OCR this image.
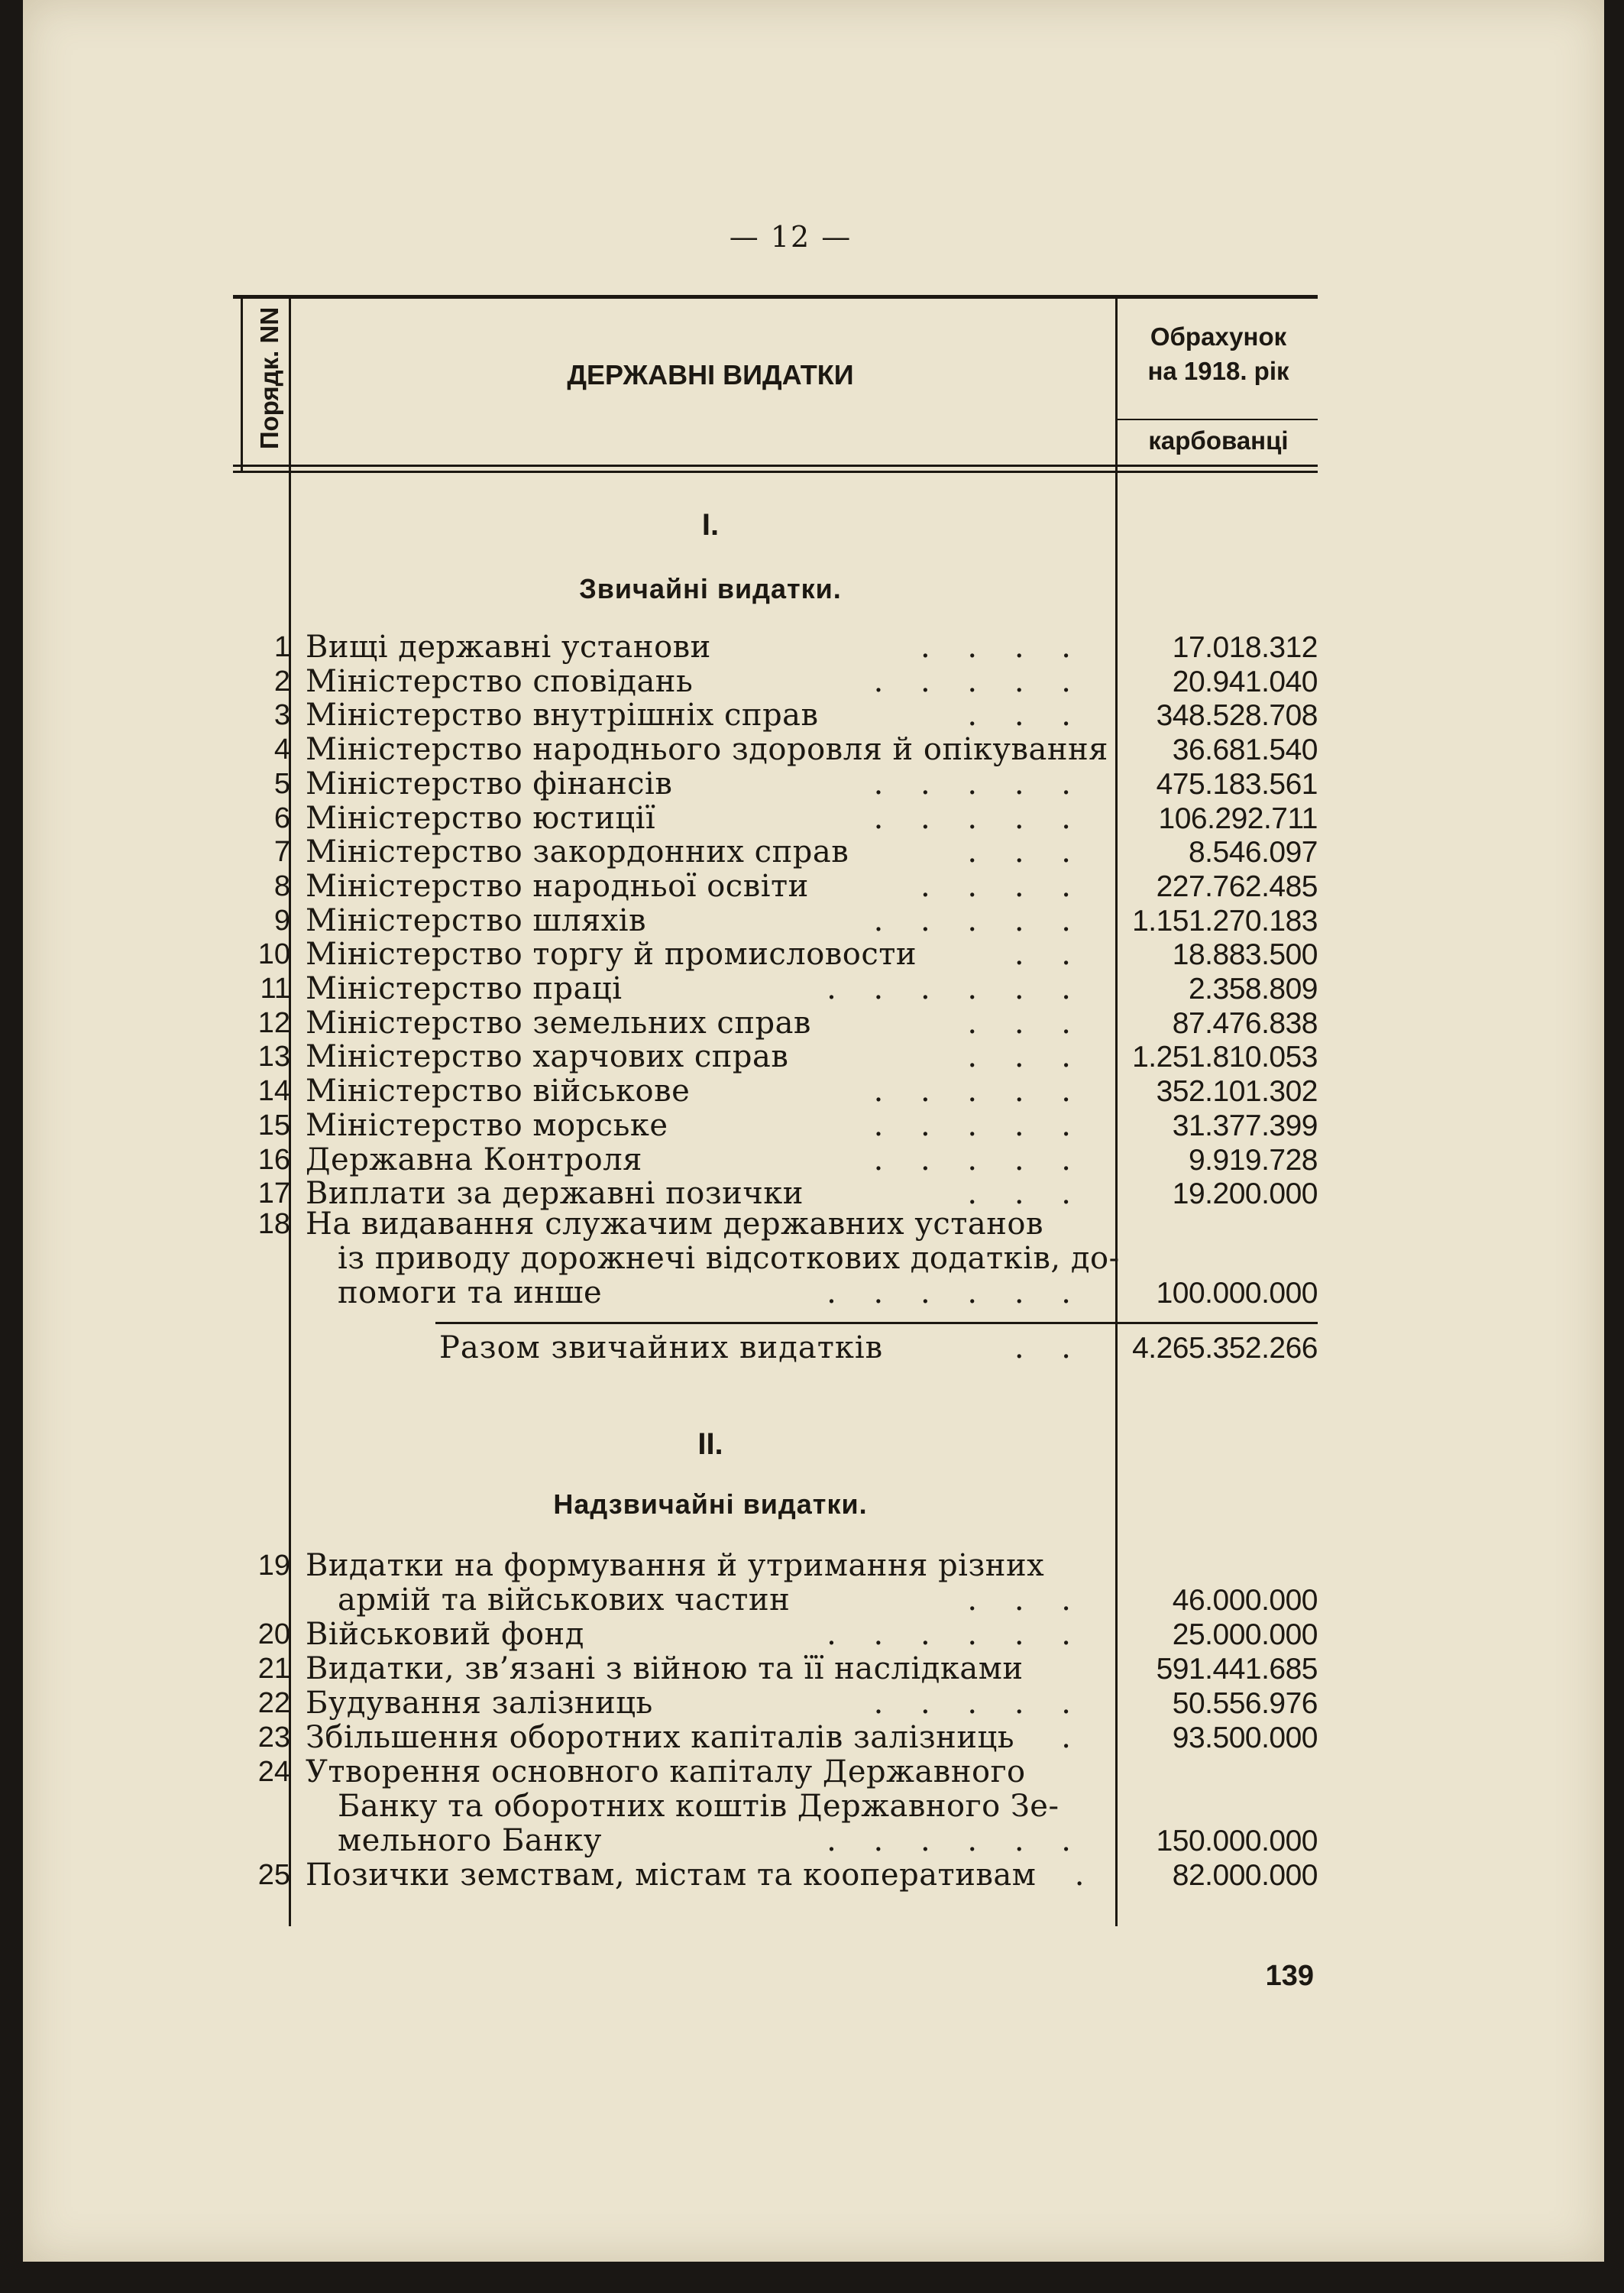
— 12 —
Порядк. NN	ДЕРЖАВНІ ВИДАТКИ
Обрахунок
на 1918. рік
карбованці
I.
Звичайні видатки.
1 Вищі державні установи	17.018.312
. . . .
2 Міністерство сповідань	20.941.040
. . . . .
3 Міністерство внутрішніх справ	348.528.708
. . .
4 Міністерство народнього здоровля й опікування	36.681.540
5 Міністерство фінансів	475.183.561
. . . . .
6 Міністерство юстиції	106.292.711
. . . . .
7 Міністерство закордонних справ	8.546.097
. . .
8 Міністерство народньої освіти	227.762.485
. . . .
9 Міністерство шляхів	1.151.270.183
. . . . .
10 Міністерство торгу й промисловости	18.883.500
. .
11 Міністерство праці	2.358.809
. . . . . .
12 Міністерство земельних справ	87.476.838
. . .
13 Міністерство харчових справ	1.251.810.053
. . .
14 Міністерство військове	352.101.302
. . . . .
15 Міністерство морське	31.377.399
. . . . .
16 Державна Контроля	9.919.728
. . . . .
17 Виплати за державні позички	19.200.000
. . .
18 На видавання служачим державних установ
із приводу дорожнечі відсоткових додатків, до-
помоги та инше	. . . . . .	100.000.000
Разом звичайних видатків	. .	4.265.352.266
II.
Надзвичайні видатки.
19 Видатки на формування й утримання різних
армій та військових частин	. . .	46.000.000
20 Військовий фонд	25.000.000
. . . . . .
21 Видатки, зв’язані з війною та її наслідками	591.441.685
22 Будування залізниць	50.556.976
. . . . .
23 Збільшення оборотних капіталів залізниць	93.500.000
.
24 Утворення основного капіталу Державного
Банку та оборотних коштів Державного Зе-
мельного Банку	. . . . . .	150.000.000
25 Позички земствам, містам та кооперативам	.	82.000.000
139
